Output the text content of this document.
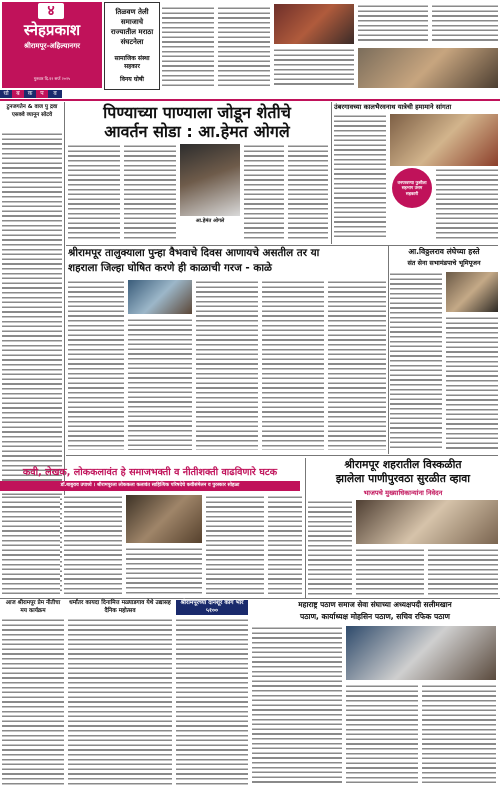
४
स्नेहप्रकाश
श्रीरामपूर-अहिल्यानगर
गुरुवार दि.१२ सप्टें २०२५
तिळवण तेली समाजाचे राज्यातील मराठा संघटनेला
सामाजिक संस्था सहकार
विनय घोषी
धो	ब	क	प	व
टुनजगतेन & वाज पु द्रवा एसक्वे व्यानून सोटवे	पिण्याच्या पाण्याला जोडून शेतीचे
आवर्तन सोडा : आ.हेमत ओगले
आ.हेमंत ओगले
उंबरगावच्या कालभैरवनाथ यात्रेची हमामाने सांगता
वनपरवण्या फुसीला सहभाग उत्तम सहकारी
श्रीरामपूर तालुक्याला पुन्हा वैभवाचे दिवस आणायचे असतील तर या
शहराला जिल्हा घोषित करणे ही काळाची गरज - काळे
आ.विठ्ठलराव लंघेच्या हस्ते
संत सेना सभामंडपाचे भूमिपूजन
कवी, लेखक, लोककलावंत हे समाजभक्ती व नीतीशक्ती वाढविणारे घटक
डॉ.बाबुराव उपाध्ये । श्रीरामपूरला लोककला कलावंत साहित्यिक परिषदेचे कवीसंमेलन व पुरस्कार सोहळा
श्रीरामपूर शहरातील विस्कळीत
झालेला पाणीपुरवठा सुरळीत व्हावा
भाजपचे मुख्याधिकान्यांना निवेदन
आज श्रीरामपूर प्रेम नीतीचा मय कार्यक्रम
धर्मांतर कायदा दिनामित्त मळ्याडगाव येथे उद्यासह दैनिक महोत्सव
श्रीरामपूरच्या दानशूर कांग भार ५१००
महाराष्ट्र पठाण समाज सेवा संघाच्या अध्यक्षपदी सलीमखान
पठाण, कार्याध्यक्ष मोहसिन पठाण, सचिव रफिक पठाण
